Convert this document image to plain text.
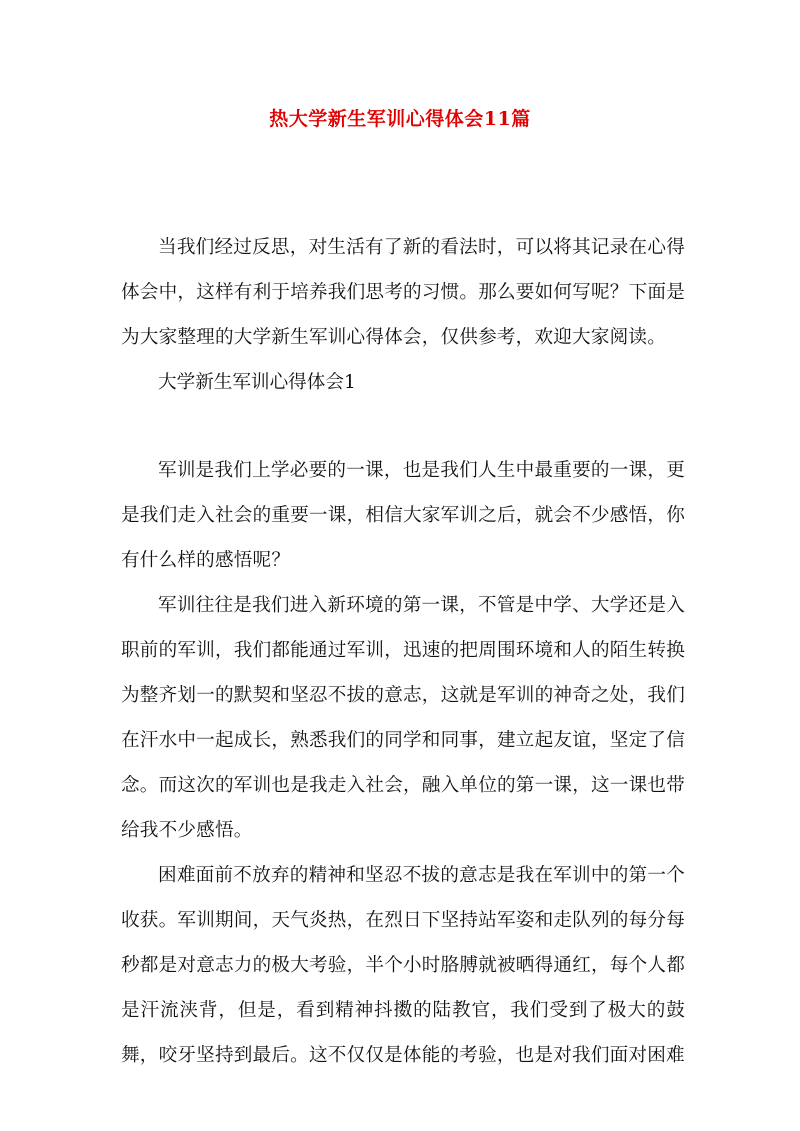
热大学新生军训心得体会11篇

当我们经过反思，对生活有了新的看法时，可以将其记录在心得体会中，这样有利于培养我们思考的习惯。那么要如何写呢？下面是为大家整理的大学新生军训心得体会，仅供参考，欢迎大家阅读。

大学新生军训心得体会1

军训是我们上学必要的一课，也是我们人生中最重要的一课，更是我们走入社会的重要一课，相信大家军训之后，就会不少感悟，你有什么样的感悟呢？

军训往往是我们进入新环境的第一课，不管是中学、大学还是入职前的军训，我们都能通过军训，迅速的把周围环境和人的陌生转换为整齐划一的默契和坚忍不拔的意志，这就是军训的神奇之处，我们在汗水中一起成长，熟悉我们的同学和同事，建立起友谊，坚定了信念。而这次的军训也是我走入社会，融入单位的第一课，这一课也带给我不少感悟。

困难面前不放弃的精神和坚忍不拔的意志是我在军训中的第一个收获。军训期间，天气炎热，在烈日下坚持站军姿和走队列的每分每秒都是对意志力的极大考验，半个小时胳膊就被晒得通红，每个人都是汗流浃背，但是，看到精神抖擞的陆教官，我们受到了极大的鼓舞，咬牙坚持到最后。这不仅仅是体能的考验，也是对我们面对困难
